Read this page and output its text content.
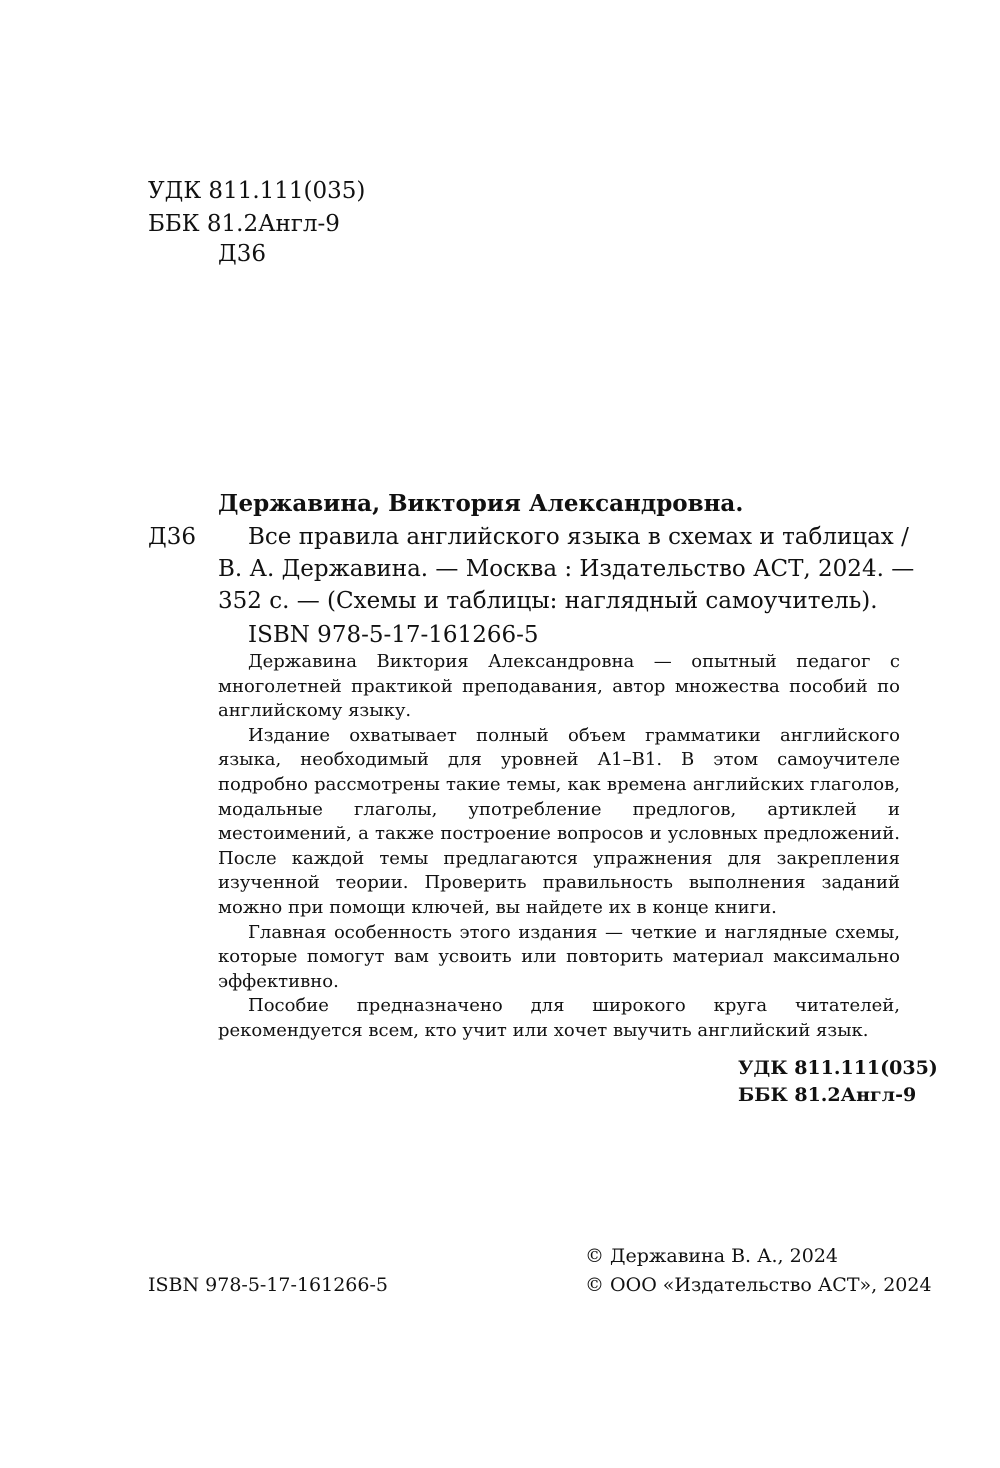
УДК 811.111(035)
ББК 81.2Англ-9
Д36
Державина, Виктория Александровна.
Д36 Все правила английского языка в схемах и таблицах /
В. А. Державина. — Москва : Издательство АСТ, 2024. —
352 с. — (Схемы и таблицы: наглядный самоучитель).
ISBN 978-5-17-161266-5

Державина Виктория Александровна — опытный педагог с многолетней практикой преподавания, автор множества пособий по английскому языку.

Издание охватывает полный объем грамматики английского языка, необходимый для уровней А1–В1. В этом самоучителе подробно рассмотрены такие темы, как времена английских глаголов, модальные глаголы, употребление предлогов, артиклей и местоимений, а также построение вопросов и условных предложений. После каждой темы предлагаются упражнения для закрепления изученной теории. Проверить правильность выполнения заданий можно при помощи ключей, вы найдете их в конце книги.

Главная особенность этого издания — четкие и наглядные схемы, которые помогут вам усвоить или повторить материал максимально эффективно.

Пособие предназначено для широкого круга читателей, рекомендуется всем, кто учит или хочет выучить английский язык.

УДК 811.111(035)
ББК 81.2Англ-9
© Державина В. А., 2024
© ООО «Издательство АСТ», 2024
ISBN 978-5-17-161266-5
